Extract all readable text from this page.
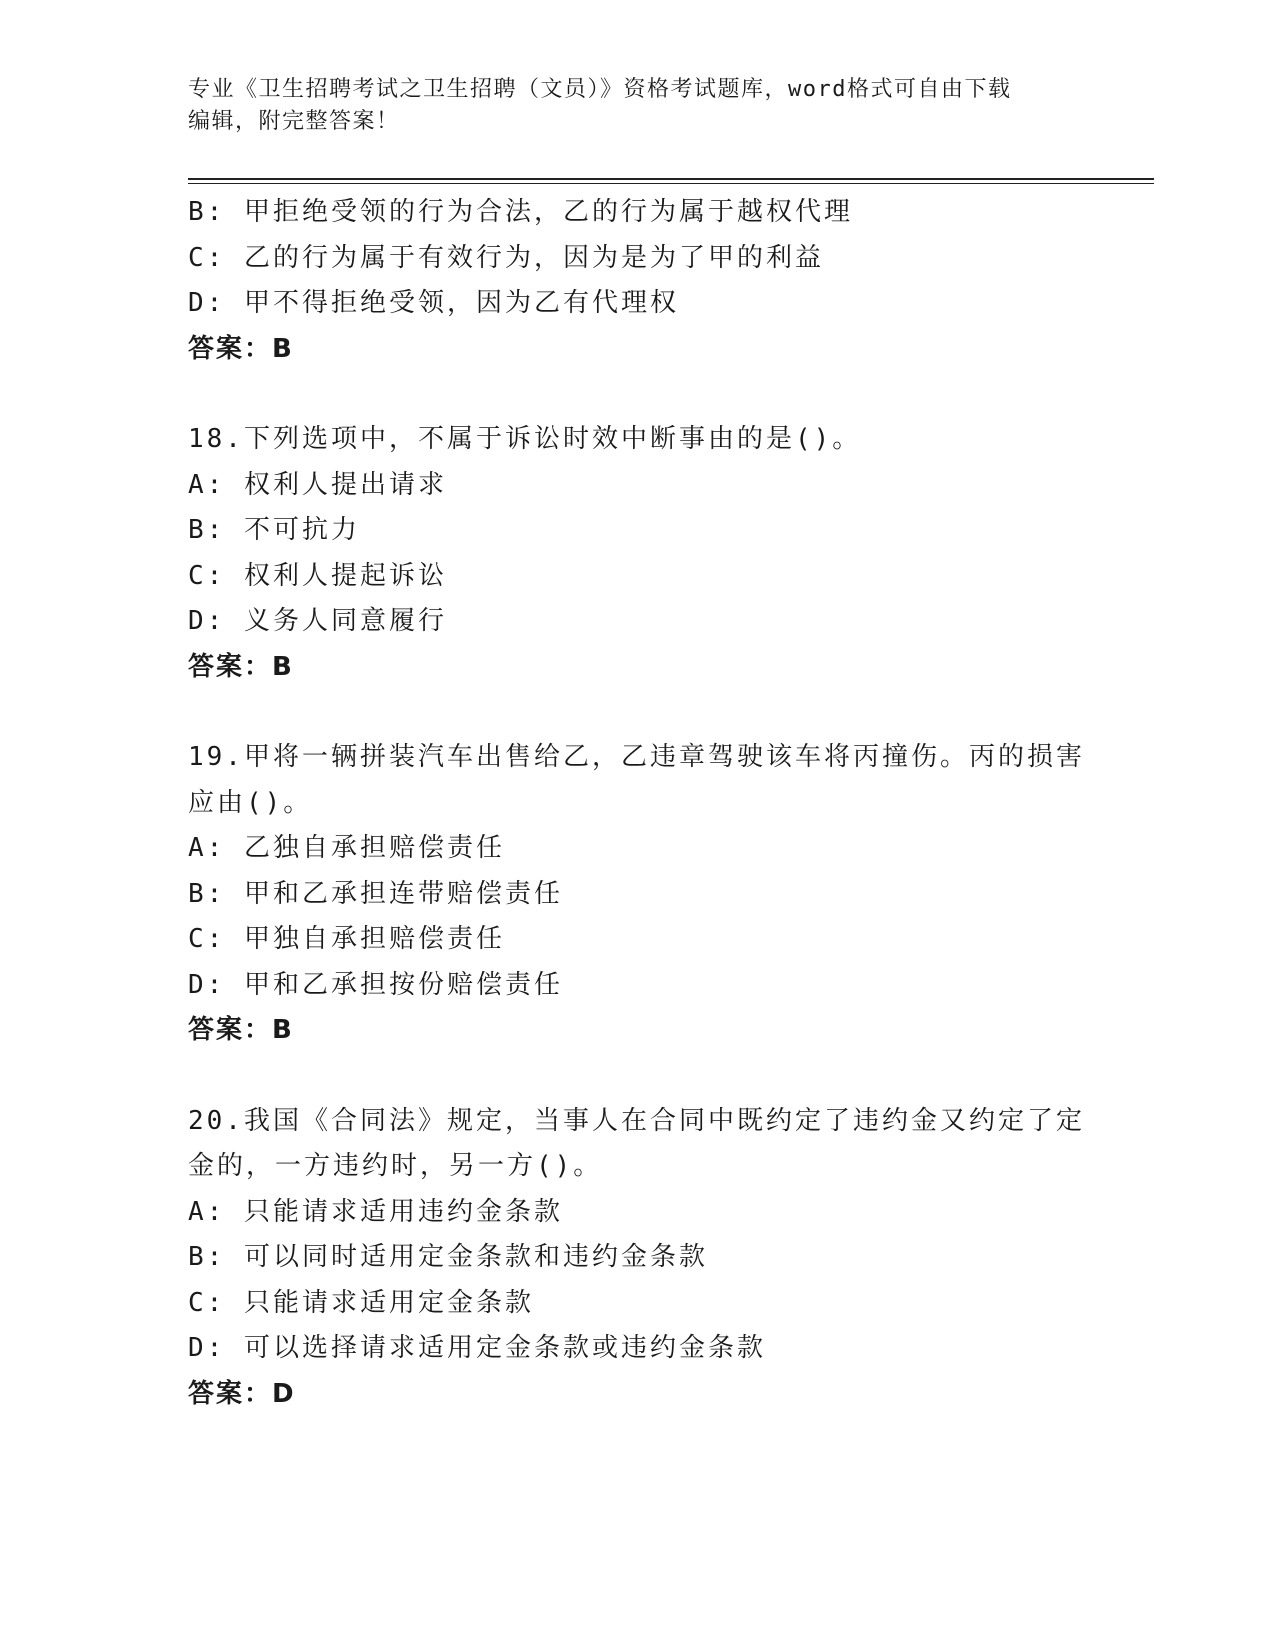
专业《卫生招聘考试之卫生招聘（文员）》资格考试题库，word格式可自由下载
编辑，附完整答案！
B: 甲拒绝受领的行为合法，乙的行为属于越权代理
C: 乙的行为属于有效行为，因为是为了甲的利益
D: 甲不得拒绝受领，因为乙有代理权
答案：B
18.下列选项中，不属于诉讼时效中断事由的是()。
A: 权利人提出请求
B: 不可抗力
C: 权利人提起诉讼
D: 义务人同意履行
答案：B
19.甲将一辆拼装汽车出售给乙，乙违章驾驶该车将丙撞伤。丙的损害
应由()。
A: 乙独自承担赔偿责任
B: 甲和乙承担连带赔偿责任
C: 甲独自承担赔偿责任
D: 甲和乙承担按份赔偿责任
答案：B
20.我国《合同法》规定，当事人在合同中既约定了违约金又约定了定
金的，一方违约时，另一方()。
A: 只能请求适用违约金条款
B: 可以同时适用定金条款和违约金条款
C: 只能请求适用定金条款
D: 可以选择请求适用定金条款或违约金条款
答案：D
